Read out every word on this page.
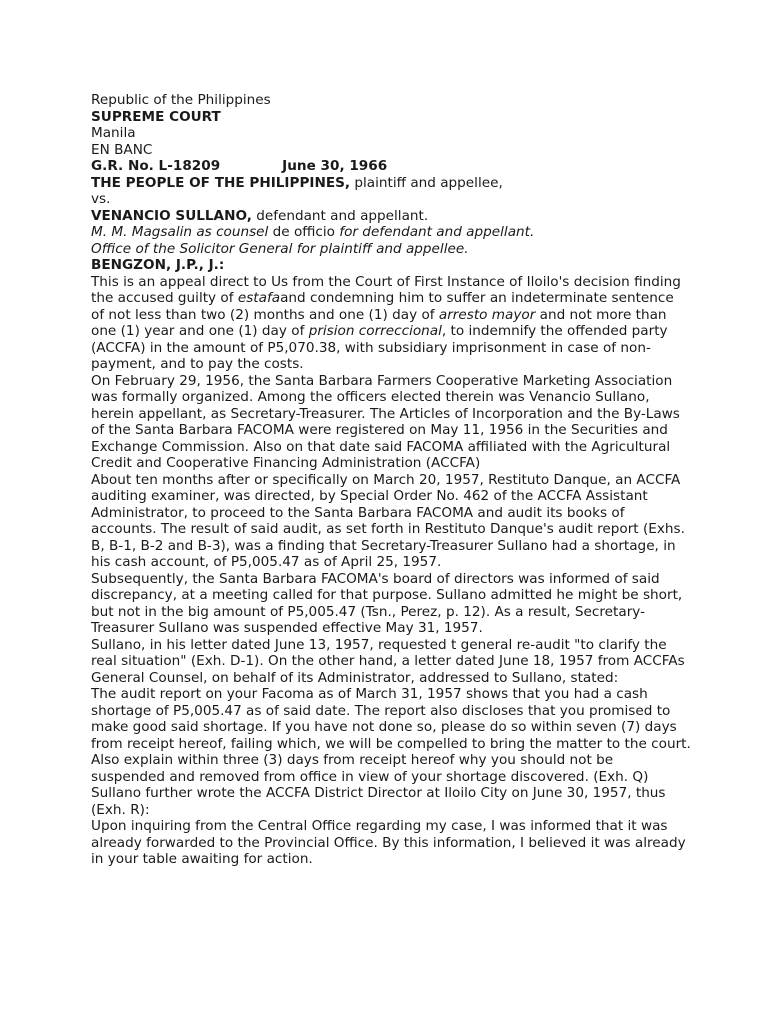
Republic of the Philippines
SUPREME COURT
Manila
EN BANC
G.R. No. L-18209	June 30, 1966
THE PEOPLE OF THE PHILIPPINES, plaintiff and appellee,
vs.
VENANCIO SULLANO, defendant and appellant.
M. M. Magsalin as counsel de officio for defendant and appellant.
Office of the Solicitor General for plaintiff and appellee.
BENGZON, J.P., J.:
This is an appeal direct to Us from the Court of First Instance of Iloilo's decision finding the accused guilty of estafaand condemning him to suffer an indeterminate sentence of not less than two (2) months and one (1) day of arresto mayor and not more than one (1) year and one (1) day of prision correccional, to indemnify the offended party (ACCFA) in the amount of P5,070.38, with subsidiary imprisonment in case of non-payment, and to pay the costs.
On February 29, 1956, the Santa Barbara Farmers Cooperative Marketing Association was formally organized. Among the officers elected therein was Venancio Sullano, herein appellant, as Secretary-Treasurer. The Articles of Incorporation and the By-Laws of the Santa Barbara FACOMA were registered on May 11, 1956 in the Securities and Exchange Commission. Also on that date said FACOMA affiliated with the Agricultural Credit and Cooperative Financing Administration (ACCFA)
About ten months after or specifically on March 20, 1957, Restituto Danque, an ACCFA auditing examiner, was directed, by Special Order No. 462 of the ACCFA Assistant Administrator, to proceed to the Santa Barbara FACOMA and audit its books of accounts. The result of said audit, as set forth in Restituto Danque's audit report (Exhs. B, B-1, B-2 and B-3), was a finding that Secretary-Treasurer Sullano had a shortage, in his cash account, of P5,005.47 as of April 25, 1957.
Subsequently, the Santa Barbara FACOMA's board of directors was informed of said discrepancy, at a meeting called for that purpose. Sullano admitted he might be short, but not in the big amount of P5,005.47 (Tsn., Perez, p. 12). As a result, Secretary-Treasurer Sullano was suspended effective May 31, 1957.
Sullano, in his letter dated June 13, 1957, requested t general re-audit "to clarify the real situation" (Exh. D-1). On the other hand, a letter dated June 18, 1957 from ACCFAs General Counsel, on behalf of its Administrator, addressed to Sullano, stated:
The audit report on your Facoma as of March 31, 1957 shows that you had a cash shortage of P5,005.47 as of said date. The report also discloses that you promised to make good said shortage. If you have not done so, please do so within seven (7) days from receipt hereof, failing which, we will be compelled to bring the matter to the court.
Also explain within three (3) days from receipt hereof why you should not be suspended and removed from office in view of your shortage discovered. (Exh. Q)
Sullano further wrote the ACCFA District Director at Iloilo City on June 30, 1957, thus (Exh. R):
Upon inquiring from the Central Office regarding my case, I was informed that it was already forwarded to the Provincial Office. By this information, I believed it was already in your table awaiting for action.
